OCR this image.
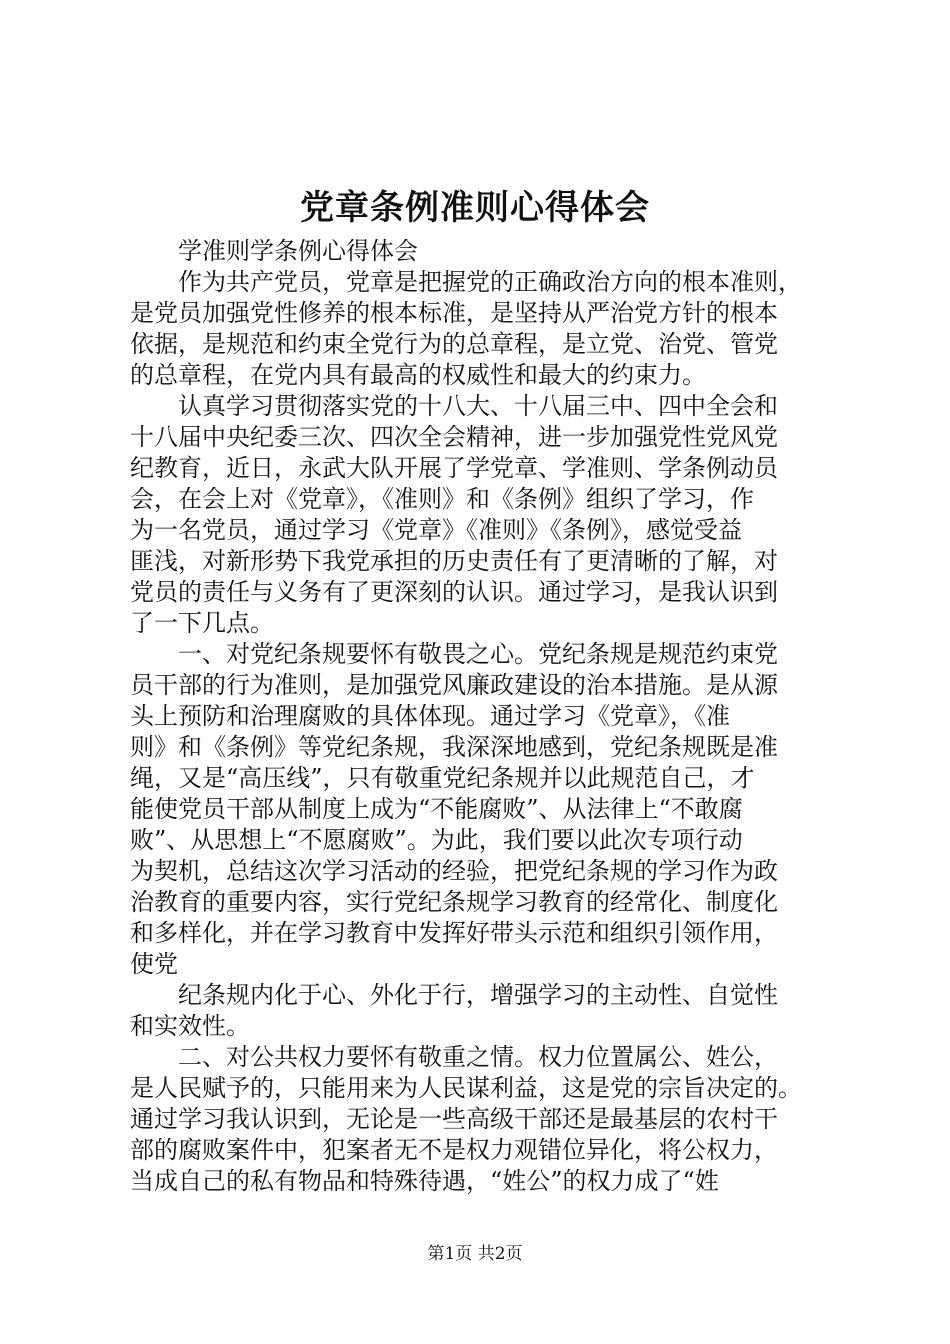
党章条例准则心得体会
学准则学条例心得体会
作为共产党员，党章是把握党的正确政治方向的根本准则，
是党员加强党性修养的根本标准，是坚持从严治党方针的根本
依据，是规范和约束全党行为的总章程，是立党、治党、管党
的总章程，在党内具有最高的权威性和最大的约束力。
认真学习贯彻落实党的十八大、十八届三中、四中全会和
十八届中央纪委三次、四次全会精神，进一步加强党性党风党
纪教育，近日，永武大队开展了学党章、学准则、学条例动员
会，在会上对《党章》，《准则》和《条例》组织了学习，作
为一名党员，通过学习《党章》《准则》《条例》，感觉受益
匪浅，对新形势下我党承担的历史责任有了更清晰的了解，对
党员的责任与义务有了更深刻的认识。通过学习，是我认识到
了一下几点。
一、对党纪条规要怀有敬畏之心。党纪条规是规范约束党
员干部的行为准则，是加强党风廉政建设的治本措施。是从源
头上预防和治理腐败的具体体现。通过学习《党章》，《准
则》和《条例》等党纪条规，我深深地感到，党纪条规既是准
绳，又是“高压线”，只有敬重党纪条规并以此规范自己，才
能使党员干部从制度上成为“不能腐败”、从法律上“不敢腐
败”、从思想上“不愿腐败”。为此，我们要以此次专项行动
为契机，总结这次学习活动的经验，把党纪条规的学习作为政
治教育的重要内容，实行党纪条规学习教育的经常化、制度化
和多样化，并在学习教育中发挥好带头示范和组织引领作用，
使党
纪条规内化于心、外化于行，增强学习的主动性、自觉性
和实效性。
二、对公共权力要怀有敬重之情。权力位置属公、姓公，
是人民赋予的，只能用来为人民谋利益，这是党的宗旨决定的。
通过学习我认识到，无论是一些高级干部还是最基层的农村干
部的腐败案件中，犯案者无不是权力观错位异化，将公权力，
当成自己的私有物品和特殊待遇，“姓公”的权力成了“姓
第1页 共2页
